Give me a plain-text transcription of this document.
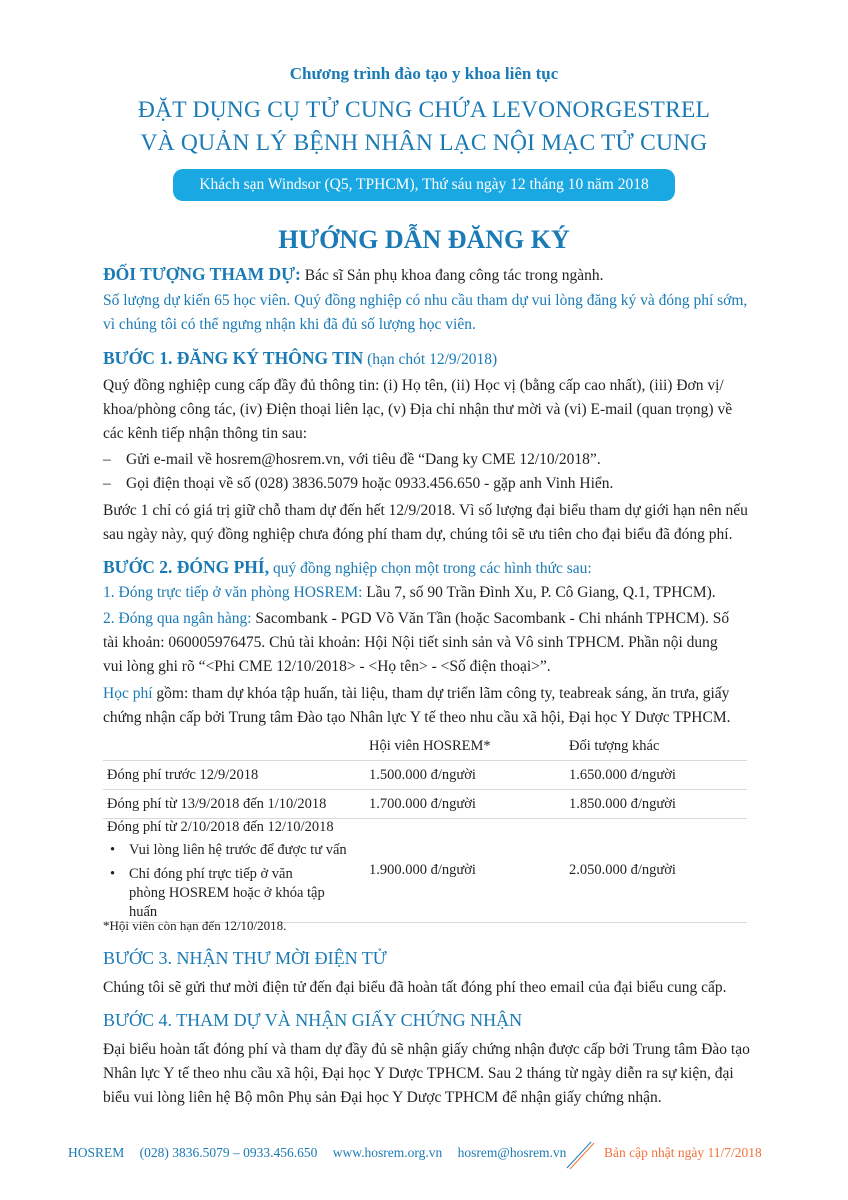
Chương trình đào tạo y khoa liên tục
ĐẶT DỤNG CỤ TỬ CUNG CHỨA LEVONORGESTREL
VÀ QUẢN LÝ BỆNH NHÂN LẠC NỘI MẠC TỬ CUNG
Khách sạn Windsor (Q5, TPHCM), Thứ sáu ngày 12 tháng 10 năm 2018
HƯỚNG DẪN ĐĂNG KÝ
ĐỐI TƯỢNG THAM DỰ: Bác sĩ Sản phụ khoa đang công tác trong ngành.
Số lượng dự kiến 65 học viên. Quý đồng nghiệp có nhu cầu tham dự vui lòng đăng ký và đóng phí sớm,
vì chúng tôi có thể ngưng nhận khi đã đủ số lượng học viên.
BƯỚC 1. ĐĂNG KÝ THÔNG TIN (hạn chót 12/9/2018)
Quý đồng nghiệp cung cấp đầy đủ thông tin: (i) Họ tên, (ii) Học vị (bằng cấp cao nhất), (iii) Đơn vị/
khoa/phòng công tác, (iv) Điện thoại liên lạc, (v) Địa chỉ nhận thư mời và (vi) E-mail (quan trọng) về
các kênh tiếp nhận thông tin sau:
– Gửi e-mail về hosrem@hosrem.vn, với tiêu đề “Dang ky CME 12/10/2018”.
– Gọi điện thoại về số (028) 3836.5079 hoặc 0933.456.650 - gặp anh Vinh Hiển.
Bước 1 chỉ có giá trị giữ chỗ tham dự đến hết 12/9/2018. Vì số lượng đại biểu tham dự giới hạn nên nếu
sau ngày này, quý đồng nghiệp chưa đóng phí tham dự, chúng tôi sẽ ưu tiên cho đại biểu đã đóng phí.
BƯỚC 2. ĐÓNG PHÍ, quý đồng nghiệp chọn một trong các hình thức sau:
1. Đóng trực tiếp ở văn phòng HOSREM: Lầu 7, số 90 Trần Đình Xu, P. Cô Giang, Q.1, TPHCM).
2. Đóng qua ngân hàng: Sacombank - PGD Võ Văn Tần (hoặc Sacombank - Chi nhánh TPHCM). Số
tài khoản: 060005976475. Chủ tài khoản: Hội Nội tiết sinh sản và Vô sinh TPHCM. Phần nội dung
vui lòng ghi rõ “<Phi CME 12/10/2018> - <Họ tên> - <Số điện thoại>”.
Học phí gồm: tham dự khóa tập huấn, tài liệu, tham dự triển lãm công ty, teabreak sáng, ăn trưa, giấy
chứng nhận cấp bởi Trung tâm Đào tạo Nhân lực Y tế theo nhu cầu xã hội, Đại học Y Dược TPHCM.
	Hội viên HOSREM*	Đối tượng khác
Đóng phí trước 12/9/2018	1.500.000 đ/người	1.650.000 đ/người
Đóng phí từ 13/9/2018 đến 1/10/2018	1.700.000 đ/người	1.850.000 đ/người

Đóng phí từ 2/10/2018 đến 12/10/2018
• Vui lòng liên hệ trước để được tư vấn
• Chỉ đóng phí trực tiếp ở văn phòng HOSREM hoặc ở khóa tập huấn	1.900.000 đ/người	2.050.000 đ/người
*Hội viên còn hạn đến 12/10/2018.
BƯỚC 3. NHẬN THƯ MỜI ĐIỆN TỬ
Chúng tôi sẽ gửi thư mời điện tử đến đại biểu đã hoàn tất đóng phí theo email của đại biểu cung cấp.
BƯỚC 4. THAM DỰ VÀ NHẬN GIẤY CHỨNG NHẬN
Đại biểu hoàn tất đóng phí và tham dự đầy đủ sẽ nhận giấy chứng nhận được cấp bởi Trung tâm Đào tạo
Nhân lực Y tế theo nhu cầu xã hội, Đại học Y Dược TPHCM. Sau 2 tháng từ ngày diễn ra sự kiện, đại
biểu vui lòng liên hệ Bộ môn Phụ sản Đại học Y Dược TPHCM để nhận giấy chứng nhận.
HOSREM (028) 3836.5079 – 0933.456.650 www.hosrem.org.vn hosrem@hosrem.vn	Bản cập nhật ngày 11/7/2018
